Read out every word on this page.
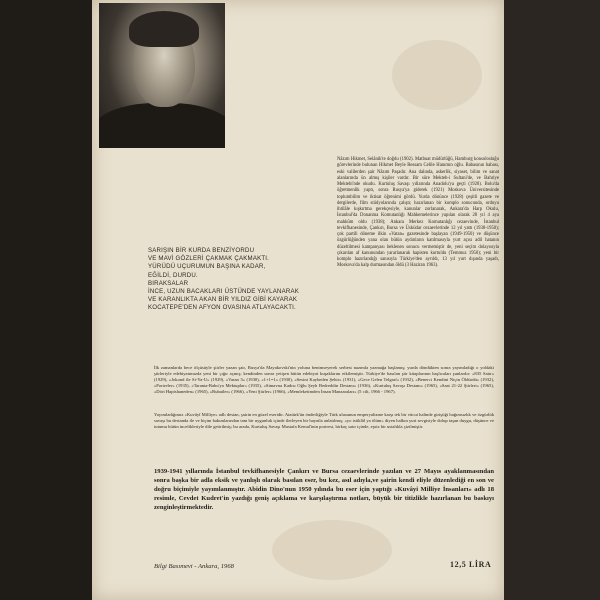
SARIŞIN BİR KURDA BENZİYORDU
VE MAVİ GÖZLERİ ÇAKMAK ÇAKMAKTI.
YÜRÜDÜ UÇURUMUN BAŞINA KADAR,
EĞİLDİ, DURDU.
BIRAKSALAR
İNCE, UZUN BACAKLARI ÜSTÜNDE YAYLANARAK
VE KARANLIKTA AKAN BİR YILDIZ GİBİ KAYARAK
KOCATEPE'DEN AFYON OVASINA ATLAYACAKTI.
Nâzım Hikmet, Selânik'te doğdu (1902). Matbuat müdürlüğü, Hamburg konsolosluğu görevlerinde bulunan Hikmet Beyle Ressam Celile Hanımın oğlu. Babasının babası, eski valilerden şair Nâzım Paşadır. Ana dalında, askerlik, siyaset, bilim ve sanat alanlarında ün almış kişiler vardır. Bir süre Mekteb-i Sultani'de, ve Bahriye Mektebi'nde okudu. Kurtuluş Savaşı yıllarında Anadolu'ya geçti (1920). Bolu'da öğretmenlik yaptı, sonra Rusya'ya giderek (1921) Moskova Üniversitesinde toplumbilim ve iktisat öğrenimi gördü. Yurda dönünce (1928) çeşitli gazete ve dergilerde, film stüdyolarında çalıştı; hazırlanan bir komplo sonucunda, orduyu ihtilâle kışkırtma gerekçesiyle, kanunlar zorlanarak, Ankara'da Harp Okulu, İstanbul'da Donanma Komutanlığı Mahkemelerince yapılan olarak 28 yıl 4 aya mahkûm oldu (1938); Ankara Merkez Komutanlığı cezaevinde, İstanbul tevkifhanesinde, Çankırı, Bursa ve Üsküdar cezaevlerinde 12 yıl yattı (1938-1950); çok partili döneme ilkin «Vatan» gazetesinde başlayan (1949-1950) ve düşünce özgürlüğünden yana olan bütün aydınların katılmasıyla yurt açısı adil hatanın düzeltilmesi kampanyası beklenen sonucu vermemiştir de, yeni seçim dolayısıyla çıkarılan af kanunundan yararlanarak hapisten kurtuldu (Temmuz 1950); yeni bir komplo hazırlandığı sanısıyla Türkiye'den ayrıldı, 13 yıl yurt dışında yaşadı, Moskova'da kalp durmasından öldü (3 Haziran 1963).
İlk zamanlarda hece ölçüsüyle şiirler yazan şair, Rusya'da Mayakovski'nin yoluna benimseyerek serbest nazımla yazmağa başlamış; yurda döndükten sonra yayımladığı o yoldaki şiirleriyle edebiyatımızda yeni bir çığır açmış; kendinden sonra yetişen bütün edebiyat kuşaklarını etkilemiştir. Türkiye'de basılan şiir kitaplarının başlıcaları şunlardır: «835 Satır» (1929), «Jokond ile Si-Ya-U» (1929), «Varan 3» (1930), «1+1=1» (1930), «Sesini Kaybeden Şehir» (1931), «Gece Gelen Telgraf» (1932), «Benerci Kendini Niçin Öldürdü» (1932), «Portreler» (1935), «Taranta-Babu'ya Mektuplar» (1935), «Simavna Kadısı Oğlu Şeyh Bedreddin Destanı» (1936), «Kurtuluş Savaşı Destanı» (1965), «Saat 21-22 Şiirleri» (1965), «Dört Hapishaneden» (1965), «Rubailer» (1966), «Yeni Şiirler» (1966), «Memleketimden İnsan Manzaraları» (5 cilt, 1966 - 1967).
Yayımladığımız «Kuvâyî Milliye» adlı destan, şairin en güzel eseridir. Atatürk'ün önderliğiyle Türk ulusunun emperyalizme karşı tek bir vücut halinde giriştiği bağımsızlık ve özgürlük savaşı bu destanda ile ve biçim bakımlarından tam bir uygunluk içinde ilerleyen bir hayatla anlatılmış; «yo istiklâl ya ölüm» diyen halkın yurt sevgisiyle dolup taşan duygu, düşünce ve tutumu bütün incelikleriyle dile getirilmiş; bu arada, Kurtuluş Savaşı Mustafa Kemal'inin portresi, birkaç satır içinde, eşsiz bir ustalıkla çizilmiştir.
1939-1941 yıllarında İstanbul tevkifhanesiyle Çankırı ve Bursa cezaevlerinde yazılan ve 27 Mayıs ayaklanmasından sonra başka bir adla eksik ve yanlışlı olarak basılan eser, bu kez, asıl adıyla,ve şairin kendi eliyle düzenlediği en son ve doğru biçimiyle yayımlanmıştır. Abidin Dino'nun 1950 yılında bu eser için yaptığı «Kuvâyi Milliye İnsanları» adlı 18 resimle, Cevdet Kudret'in yazdığı geniş açıklama ve karşılaştırma notları, büyük bir titizlikle hazırlanan bu baskıyı zenginleştirmektedir.
Bilgi Basımevi - Ankara, 1968	12,5 LİRA
